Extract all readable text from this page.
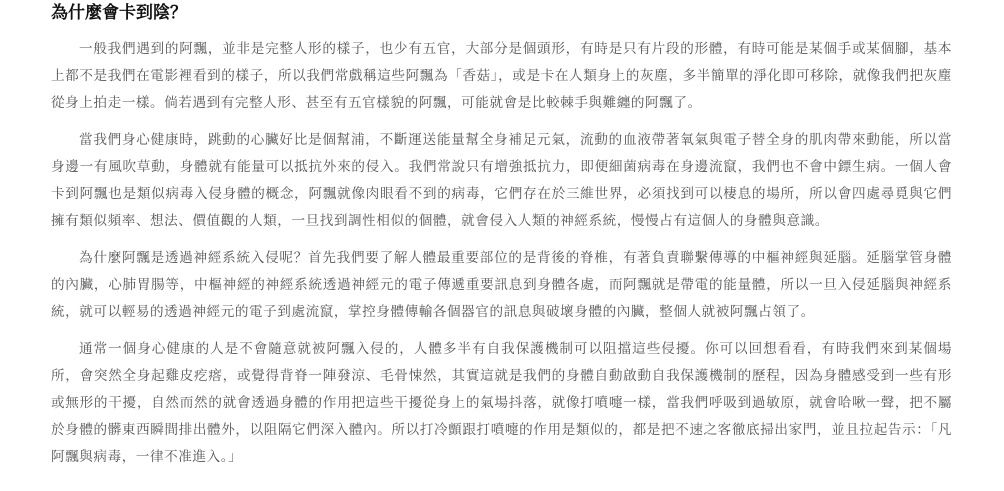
為什麼會卡到陰？

一般我們遇到的阿飄，並非是完整人形的樣子，也少有五官，大部分是個頭形，有時是只有片段的形體，有時可能是某個手或某個腳，基本上都不是我們在電影裡看到的樣子，所以我們常戲稱這些阿飄為「香菇」，或是卡在人類身上的灰塵，多半簡單的淨化即可移除，就像我們把灰塵從身上拍走一樣。倘若遇到有完整人形、甚至有五官樣貌的阿飄，可能就會是比較棘手與難纏的阿飄了。

當我們身心健康時，跳動的心臟好比是個幫浦，不斷運送能量幫全身補足元氣，流動的血液帶著氧氣與電子替全身的肌肉帶來動能，所以當身邊一有風吹草動，身體就有能量可以抵抗外來的侵入。我們常說只有增強抵抗力，即便細菌病毒在身邊流竄，我們也不會中鏢生病。一個人會卡到阿飄也是類似病毒入侵身體的概念，阿飄就像肉眼看不到的病毒，它們存在於三維世界，必須找到可以棲息的場所，所以會四處尋覓與它們擁有類似頻率、想法、價值觀的人類，一旦找到調性相似的個體，就會侵入人類的神經系統，慢慢占有這個人的身體與意識。

為什麼阿飄是透過神經系統入侵呢？首先我們要了解人體最重要部位的是背後的脊椎，有著負責聯繫傳導的中樞神經與延腦。延腦掌管身體的內臟，心肺胃腸等，中樞神經的神經系統透過神經元的電子傳遞重要訊息到身體各處，而阿飄就是帶電的能量體，所以一旦入侵延腦與神經系統，就可以輕易的透過神經元的電子到處流竄，掌控身體傳輸各個器官的訊息與破壞身體的內臟，整個人就被阿飄占領了。

通常一個身心健康的人是不會隨意就被阿飄入侵的，人體多半有自我保護機制可以阻擋這些侵擾。你可以回想看看，有時我們來到某個場所，會突然全身起雞皮疙瘩，或覺得背脊一陣發涼、毛骨悚然，其實這就是我們的身體自動啟動自我保護機制的歷程，因為身體感受到一些有形或無形的干擾，自然而然的就會透過身體的作用把這些干擾從身上的氣場抖落，就像打噴嚏一樣，當我們呼吸到過敏原，就會哈啾一聲，把不屬於身體的髒東西瞬間排出體外，以阻隔它們深入體內。所以打冷顫跟打噴嚏的作用是類似的，都是把不速之客徹底掃出家門，並且拉起告示：「凡阿飄與病毒，一律不准進入。」
